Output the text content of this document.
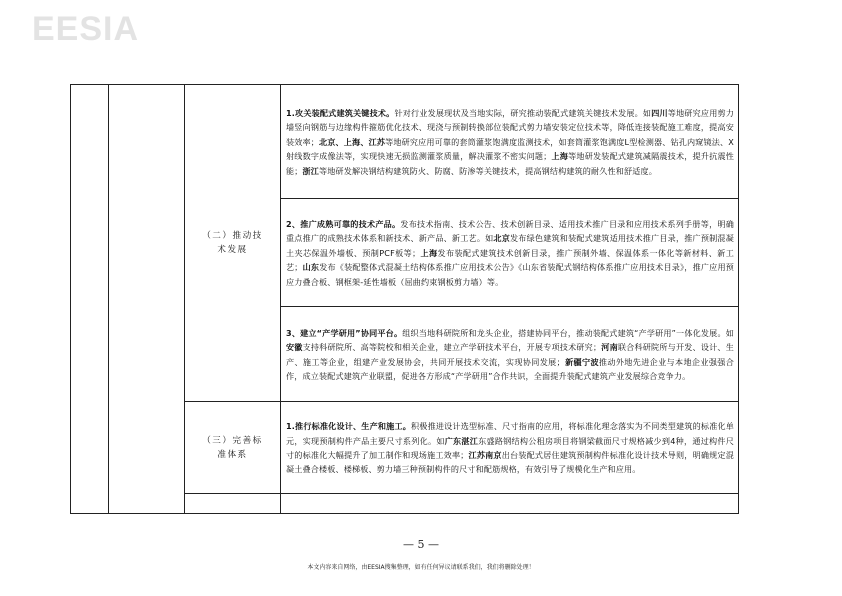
EESIA

		（二）推动技术发展	1.攻关装配式建筑关键技术。针对行业发展现状及当地实际，研究推动装配式建筑关键技术发展。如四川等地研究应用剪力墙竖向钢筋与边缘构件箍筋优化技术、现浇与预制转换部位装配式剪力墙安装定位技术等，降低连接装配施工难度，提高安装效率；北京、上海、江苏等地研究应用可靠的套筒灌浆饱满度监测技术，如套筒灌浆饱满度L型检测器、钻孔内窥镜法、X射线数字成像法等，实现快速无损监测灌浆质量，解决灌浆不密实问题；上海等地研发装配式建筑减隔震技术，提升抗震性能；浙江等地研发解决钢结构建筑防火、防腐、防渗等关键技术，提高钢结构建筑的耐久性和舒适度。

			2、推广成熟可靠的技术产品。发布技术指南、技术公告、技术创新目录、适用技术推广目录和应用技术系列手册等，明确重点推广的成熟技术体系和新技术、新产品、新工艺。如北京发布绿色建筑和装配式建筑适用技术推广目录，推广预制混凝土夹芯保温外墙板、预制PCF板等；上海发布装配式建筑技术创新目录，推广预制外墙、保温体系一体化等新材料、新工艺；山东发布《装配整体式混凝土结构体系推广应用技术公告》《山东省装配式钢结构体系推广应用技术目录》，推广应用预应力叠合板、钢框架-延性墙板（屈曲约束钢板剪力墙）等。

			3、建立“产学研用”协同平台。组织当地科研院所和龙头企业，搭建协同平台，推动装配式建筑“产学研用”一体化发展。如安徽支持科研院所、高等院校和相关企业，建立产学研技术平台，开展专项技术研究；河南联合科研院所与开发、设计、生产、施工等企业，组建产业发展协会，共同开展技术交流，实现协同发展；新疆宁波推动外地先进企业与本地企业强强合作，成立装配式建筑产业联盟，促进各方形成“产学研用”合作共识，全面提升装配式建筑产业发展综合竞争力。

		（三）完善标准体系	1.推行标准化设计、生产和施工。积极推进设计选型标准、尺寸指南的应用，将标准化理念落实为不同类型建筑的标准化单元，实现预制构件产品主要尺寸系列化。如广东湛江东盛路钢结构公租房项目将钢梁截面尺寸规格减少到4种，通过构件尺寸的标准化大幅提升了加工制作和现场施工效率；江苏南京出台装配式居住建筑预制构件标准化设计技术导则，明确规定混凝土叠合楼板、楼梯板、剪力墙三种预制构件的尺寸和配筋规格，有效引导了规模化生产和应用。

— 5 —
本文内容来自网络，由EESIA搜集整理，如有任何异议请联系我们，我们将删除处理！
